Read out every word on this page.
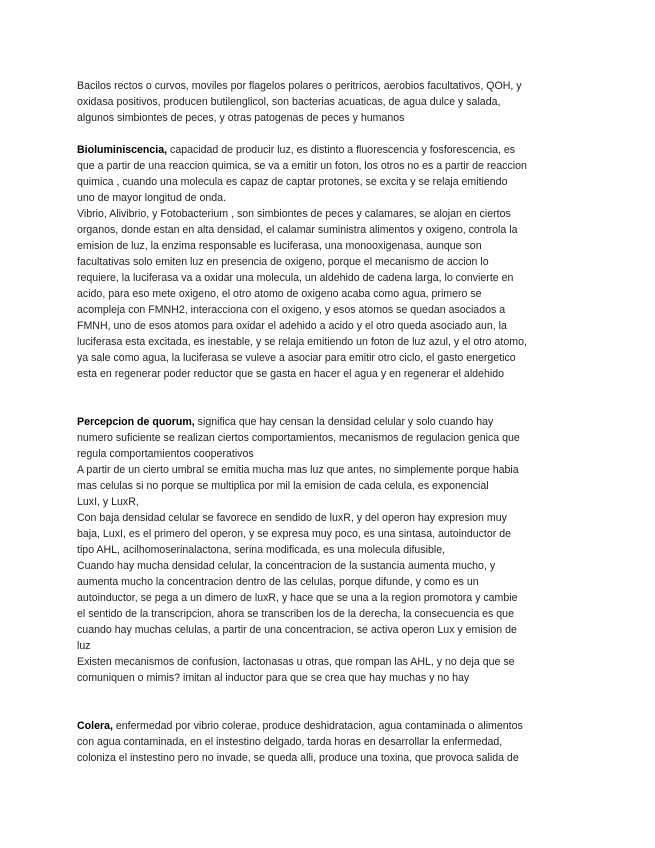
Bacilos rectos o curvos, moviles por flagelos polares o peritricos, aerobios facultativos, QOH, y
oxidasa positivos, producen butilenglicol, son bacterias acuaticas, de agua dulce y salada,
algunos simbiontes de peces, y otras patogenas de peces y humanos
Bioluminiscencia, capacidad de producir luz, es distinto a fluorescencia y fosforescencia, es
que a partir de una reaccion quimica, se va a emitir un foton, los otros no es a partir de reaccion
quimica , cuando una molecula es capaz de captar protones, se excita y se relaja emitiendo
uno de mayor longitud de onda.
Vibrio, Alivibrio, y Fotobacterium , son simbiontes de peces y calamares, se alojan en ciertos
organos, donde estan en alta densidad, el calamar suministra alimentos y oxigeno, controla la
emision de luz, la enzima responsable es luciferasa, una monooxigenasa, aunque son
facultativas solo emiten luz en presencia de oxigeno, porque el mecanismo de accion lo
requiere, la luciferasa va a oxidar una molecula, un aldehido de cadena larga, lo convierte en
acido, para eso mete oxigeno, el otro atomo de oxigeno acaba como agua, primero se
acompleja con FMNH2, interacciona con el oxigeno, y esos atomos se quedan asociados a
FMNH, uno de esos atomos para oxidar el adehido a acido y el otro queda asociado aun, la
luciferasa esta excitada, es inestable, y se relaja emitiendo un foton de luz azul, y el otro atomo,
ya sale como agua, la luciferasa se vuleve a asociar para emitir otro ciclo, el gasto energetico
esta en regenerar poder reductor que se gasta en hacer el agua y en regenerar el aldehido
Percepcion de quorum, significa que hay censan la densidad celular y solo cuando hay
numero suficiente se realizan ciertos comportamientos, mecanismos de regulacion genica que
regula comportamientos cooperativos
A partir de un cierto umbral se emitia mucha mas luz que antes, no simplemente porque habia
mas celulas si no porque se multiplica por mil la emision de cada celula, es exponencial
LuxI, y LuxR,
Con baja densidad celular se favorece en sendido de luxR, y del operon hay expresion muy
baja, LuxI, es el primero del operon, y se expresa muy poco, es una sintasa, autoinductor de
tipo AHL, acilhomoserinalactona, serina modificada, es una molecula difusible,
Cuando hay mucha densidad celular, la concentracion de la sustancia aumenta mucho, y
aumenta mucho la concentracion dentro de las celulas, porque difunde, y como es un
autoinductor, se pega a un dimero de luxR, y hace que se una a la region promotora y cambie
el sentido de la transcripcion, ahora se transcriben los de la derecha, la consecuencia es que
cuando hay muchas celulas, a partir de una concentracion, se activa operon Lux y emision de
luz
Existen mecanismos de confusion, lactonasas u otras, que rompan las AHL, y no deja que se
comuniquen o mimis? imitan al inductor para que se crea que hay muchas y no hay
Colera, enfermedad por vibrio colerae, produce deshidratacion, agua contaminada o alimentos
con agua contaminada, en el instestino delgado, tarda horas en desarrollar la enfermedad,
coloniza el instestino pero no invade, se queda alli, produce una toxina, que provoca salida de
